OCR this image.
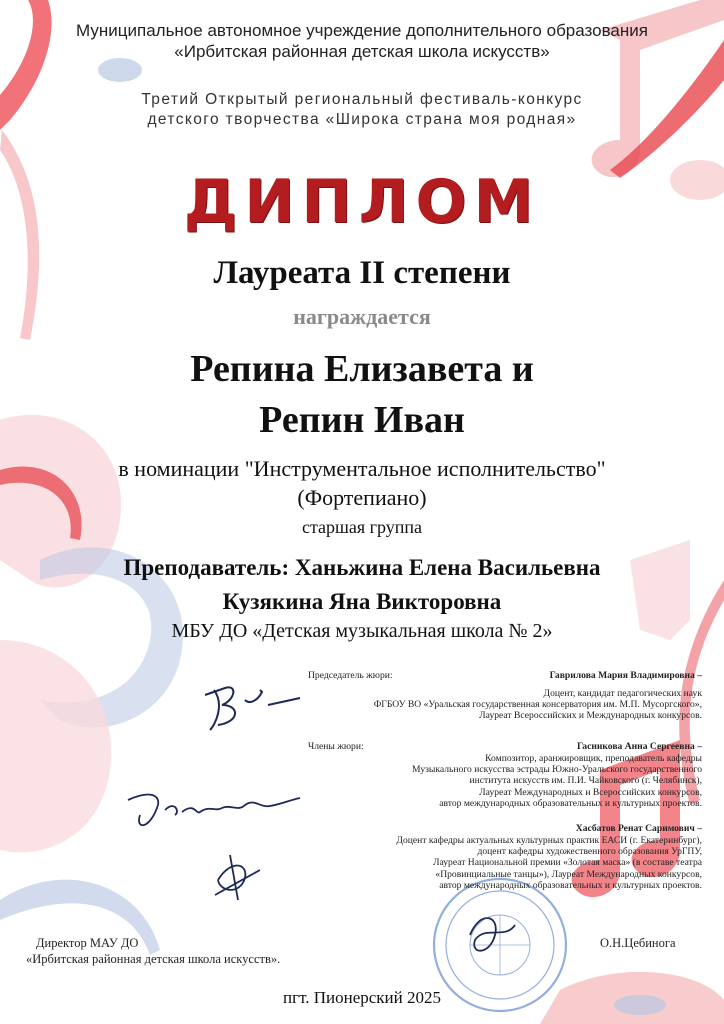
Муниципальное автономное учреждение дополнительного образования
«Ирбитская районная детская школа искусств»
Третий Открытый региональный фестиваль-конкурс
детского творчества «Широка страна моя родная»
ДИПЛОМ
Лауреата II степени
награждается
Репина Елизавета и
Репин Иван
в номинации "Инструментальное исполнительство"
(Фортепиано)
старшая группа
Преподаватель: Ханьжина Елена Васильевна
Кузякина Яна Викторовна
МБУ ДО «Детская музыкальная школа № 2»
Председатель жюри:	Гаврилова Мария Владимировна –
Доцент, кандидат педагогических наук
ФГБОУ ВО «Уральская государственная консерватория им. М.П. Мусоргского»,
Лауреат Всероссийских и Международных конкурсов.
Члены жюри:	Гасникова Анна Сергеевна –
Композитор, аранжировщик, преподаватель кафедры
Музыкального искусства эстрады Южно-Уральского государственного
института искусств им. П.И. Чайковского (г. Челябинск),
Лауреат Международных и Всероссийских конкурсов,
автор международных образовательных и культурных проектов.
Хасбатов Ренат Саримович –
Доцент кафедры актуальных культурных практик ЕАСИ (г. Екатеринбург),
доцент кафедры художественного образования УрГПУ,
Лауреат Национальной премии «Золотая маска» (в составе театра
«Провинциальные танцы»), Лауреат Международных конкурсов,
автор международных образовательных и культурных проектов.
Директор МАУ ДО
«Ирбитская районная детская школа искусств».
О.Н.Цебинога
пгт. Пионерский 2025
